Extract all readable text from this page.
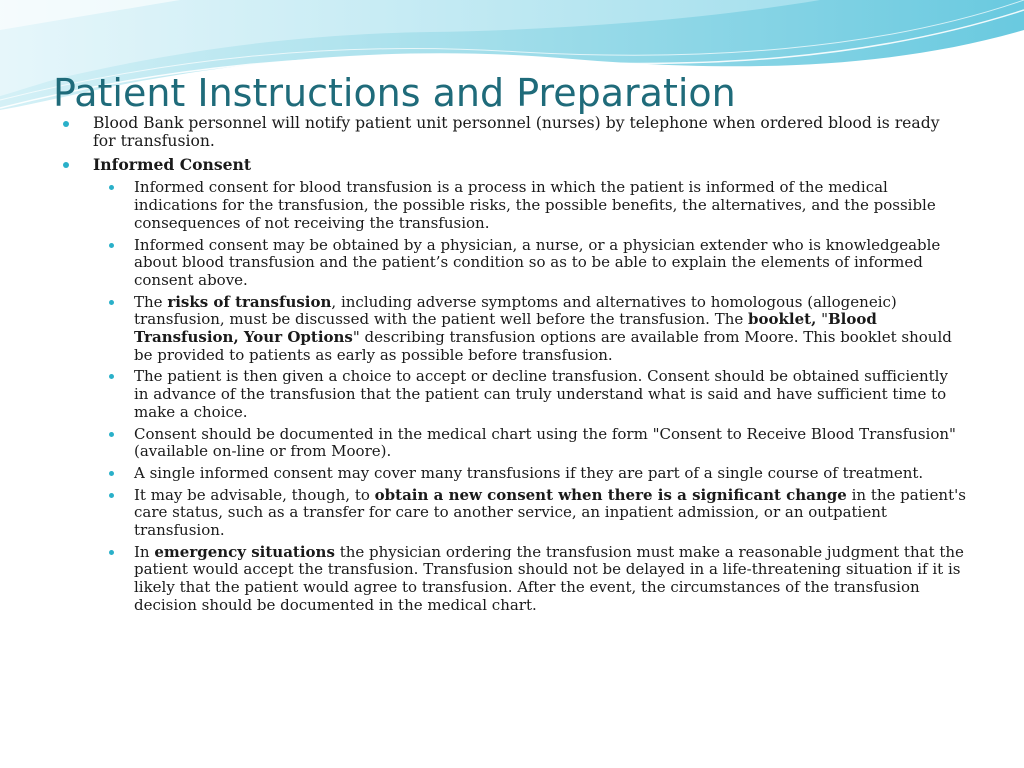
Patient Instructions and Preparation
Blood Bank personnel will notify patient unit personnel (nurses) by telephone when ordered blood is ready for transfusion.
Informed Consent
Informed consent for blood transfusion is a process in which the patient is informed of the medical indications for the transfusion, the possible risks, the possible benefits, the alternatives, and the possible consequences of not receiving the transfusion.
Informed consent may be obtained by a physician, a nurse, or a physician extender who is knowledgeable about blood transfusion and the patient’s condition so as to be able to explain the elements of informed consent above.
The risks of transfusion, including adverse symptoms and alternatives to homologous (allogeneic) transfusion, must be discussed with the patient well before the transfusion. The booklet, "Blood Transfusion, Your Options" describing transfusion options are available from Moore. This booklet should be provided to patients as early as possible before transfusion.
The patient is then given a choice to accept or decline transfusion. Consent should be obtained sufficiently in advance of the transfusion that the patient can truly understand what is said and have sufficient time to make a choice.
Consent should be documented in the medical chart using the form "Consent to Receive Blood Transfusion" (available on-line or from Moore).
A single informed consent may cover many transfusions if they are part of a single course of treatment.
It may be advisable, though, to obtain a new consent when there is a significant change in the patient's care status, such as a transfer for care to another service, an inpatient admission, or an outpatient transfusion.
In emergency situations the physician ordering the transfusion must make a reasonable judgment that the patient would accept the transfusion. Transfusion should not be delayed in a life-threatening situation if it is likely that the patient would agree to transfusion. After the event, the circumstances of the transfusion decision should be documented in the medical chart.
